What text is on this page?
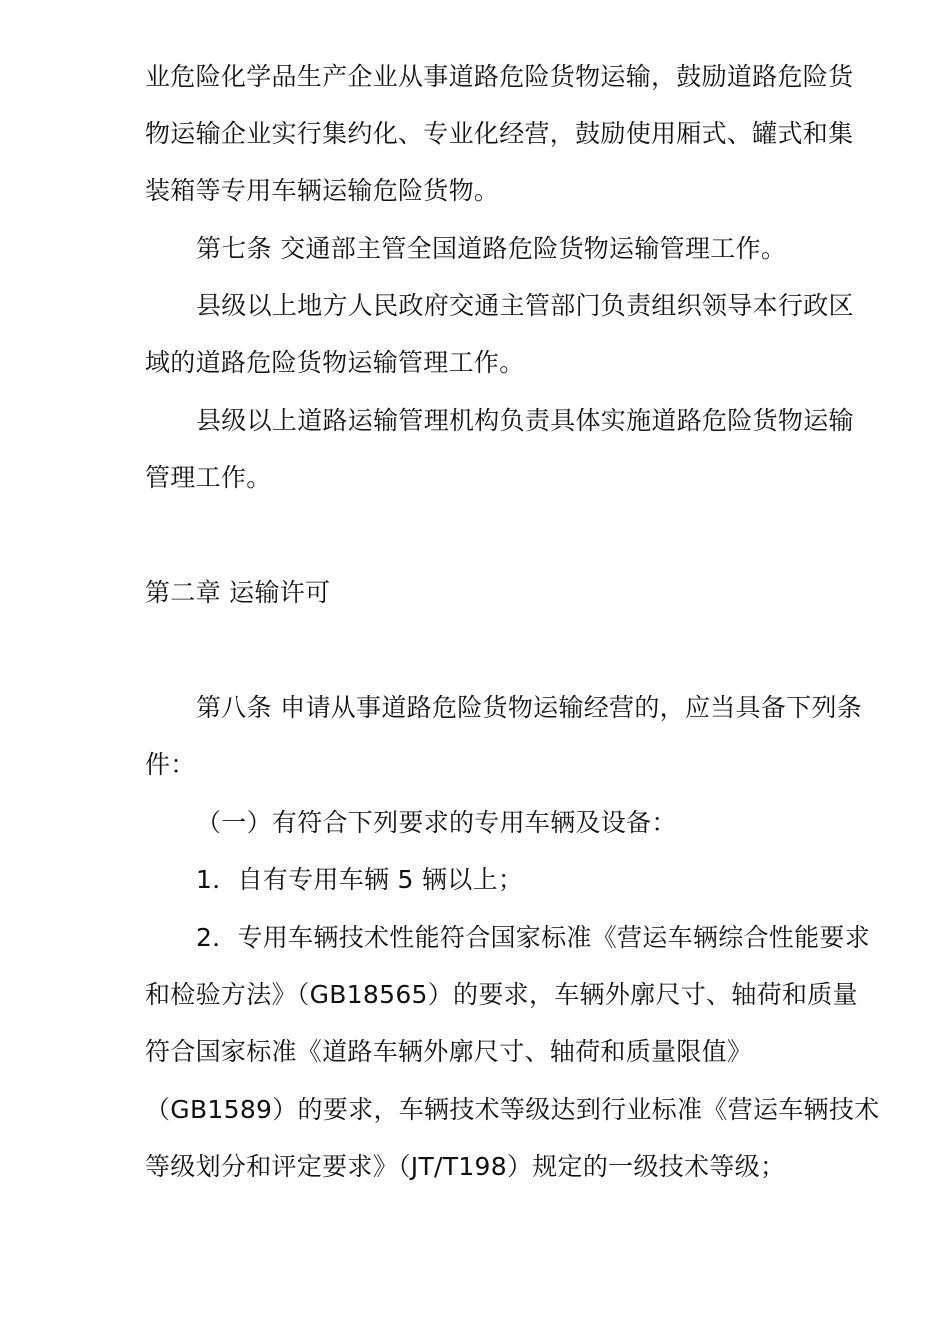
业危险化学品生产企业从事道路危险货物运输，鼓励道路危险货
物运输企业实行集约化、专业化经营，鼓励使用厢式、罐式和集
装箱等专用车辆运输危险货物。
第七条 交通部主管全国道路危险货物运输管理工作。
县级以上地方人民政府交通主管部门负责组织领导本行政区
域的道路危险货物运输管理工作。
县级以上道路运输管理机构负责具体实施道路危险货物运输
管理工作。
第二章 运输许可
第八条 申请从事道路危险货物运输经营的，应当具备下列条
件：
（一）有符合下列要求的专用车辆及设备：
1．自有专用车辆 5 辆以上；
2．专用车辆技术性能符合国家标准《营运车辆综合性能要求
和检验方法》（GB18565）的要求，车辆外廓尺寸、轴荷和质量
符合国家标准《道路车辆外廓尺寸、轴荷和质量限值》
（GB1589）的要求，车辆技术等级达到行业标准《营运车辆技术
等级划分和评定要求》（JT/T198）规定的一级技术等级；
